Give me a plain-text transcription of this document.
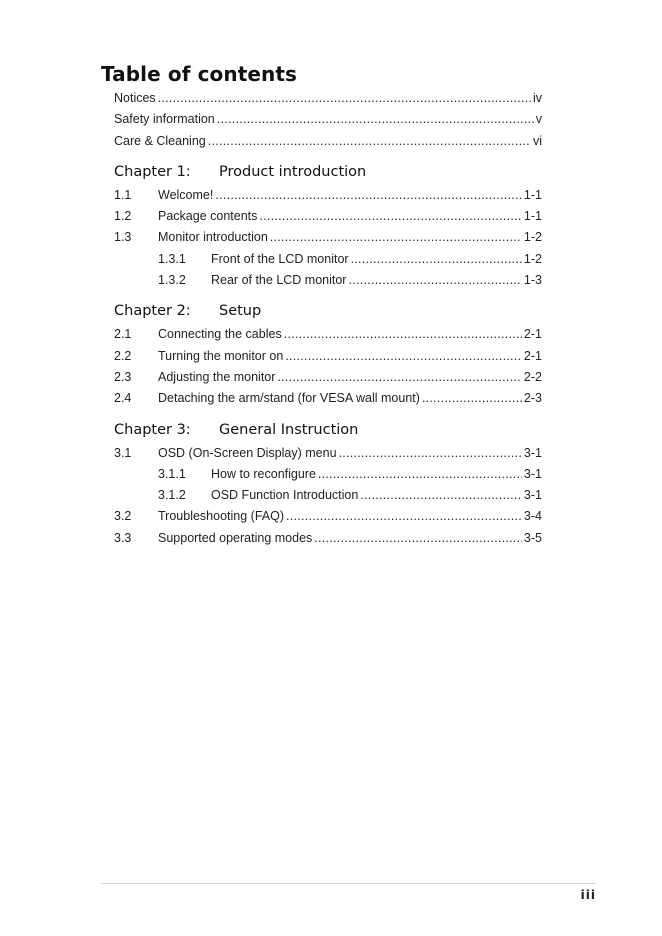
Table of contents
Notices . . .	iv
Safety information . . .	v
Care & Cleaning . . .	vi
Chapter 1:	Product introduction
1.1	Welcome! . . .	1-1
1.2	Package contents . . .	1-1
1.3	Monitor introduction . . .	1-2
1.3.1	Front of the LCD monitor . . .	1-2
1.3.2	Rear of the LCD monitor . . .	1-3
Chapter 2:	Setup
2.1	Connecting the cables . . .	2-1
2.2	Turning the monitor on . . .	2-1
2.3	Adjusting the monitor . . .	2-2
2.4	Detaching the arm/stand (for VESA wall mount) . . .	2-3
Chapter 3:	General Instruction
3.1	OSD (On-Screen Display) menu . . .	3-1
3.1.1	How to reconfigure . . .	3-1
3.1.2	OSD Function Introduction . . .	3-1
3.2	Troubleshooting (FAQ) . . .	3-4
3.3	Supported operating modes . . .	3-5
iii
